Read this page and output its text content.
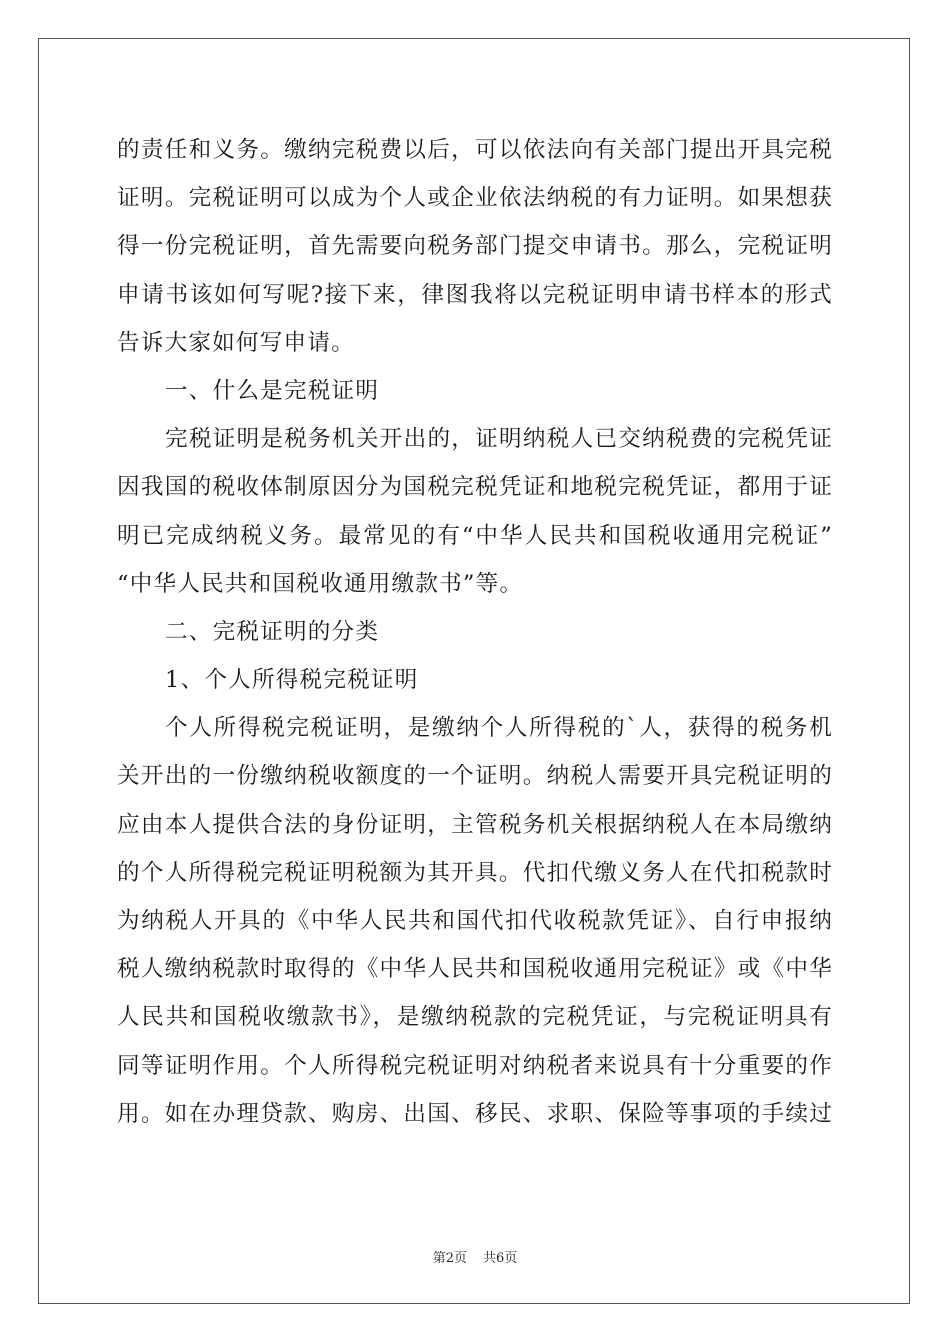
的责任和义务。缴纳完税费以后，可以依法向有关部门提出开具完税
证明。完税证明可以成为个人或企业依法纳税的有力证明。如果想获
得一份完税证明，首先需要向税务部门提交申请书。那么，完税证明
申请书该如何写呢?接下来，律图我将以完税证明申请书样本的形式
告诉大家如何写申请。
一、什么是完税证明
完税证明是税务机关开出的，证明纳税人已交纳税费的完税凭证
因我国的税收体制原因分为国税完税凭证和地税完税凭证，都用于证
明已完成纳税义务。最常见的有“中华人民共和国税收通用完税证”
“中华人民共和国税收通用缴款书”等。
二、完税证明的分类
1、个人所得税完税证明
个人所得税完税证明，是缴纳个人所得税的`人，获得的税务机
关开出的一份缴纳税收额度的一个证明。纳税人需要开具完税证明的
应由本人提供合法的身份证明，主管税务机关根据纳税人在本局缴纳
的个人所得税完税证明税额为其开具。代扣代缴义务人在代扣税款时
为纳税人开具的《中华人民共和国代扣代收税款凭证》、自行申报纳
税人缴纳税款时取得的《中华人民共和国税收通用完税证》或《中华
人民共和国税收缴款书》，是缴纳税款的完税凭证，与完税证明具有
同等证明作用。个人所得税完税证明对纳税者来说具有十分重要的作
用。如在办理贷款、购房、出国、移民、求职、保险等事项的手续过
第2页 共6页
